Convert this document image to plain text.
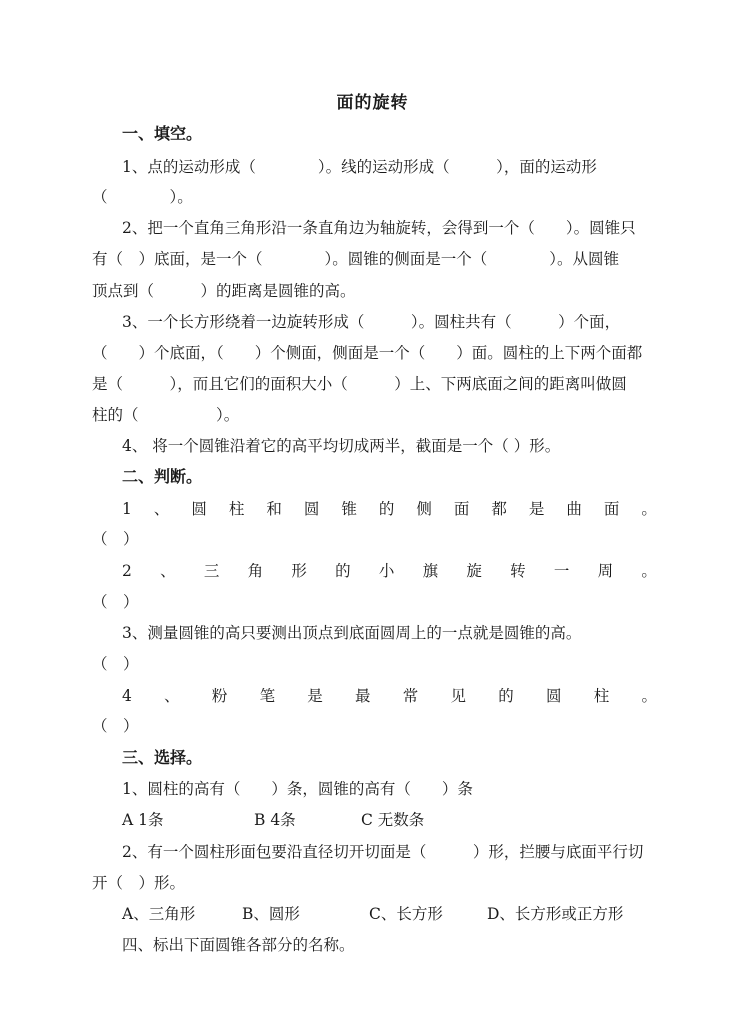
面的旋转
一、填空。
1、点的运动形成（　　　　）。线的运动形成（　　　），面的运动形
（　　　　）。
2、把一个直角三角形沿一条直角边为轴旋转，会得到一个（　　）。圆锥只
有（　）底面，是一个（　　　　）。圆锥的侧面是一个（　　　　）。从圆锥
顶点到（　　　）的距离是圆锥的高。
3、一个长方形绕着一边旋转形成（　　　）。圆柱共有（　　　）个面，
（　　）个底面，（　　）个侧面，侧面是一个（　　）面。圆柱的上下两个面都
是（　　　），而且它们的面积大小（　　　）上、下两底面之间的距离叫做圆
柱的（　　　　　）。
4、 将一个圆锥沿着它的高平均切成两半，截面是一个（ ）形。
二、判断。
1 、 圆 柱 和 圆 锥 的 侧 面 都 是 曲 面 。
（　）
2 、 三 角 形 的 小 旗 旋 转 一 周 。
（　）
3、测量圆锥的高只要测出顶点到底面圆周上的一点就是圆锥的高。
（　）
4 、 粉 笔 是 最 常 见 的 圆 柱 。
（　）
三、选择。
1、圆柱的高有（　　）条，圆锥的高有（　　）条
A 1条	B 4条	C 无数条
2、有一个圆柱形面包要沿直径切开切面是（　　　）形，拦腰与底面平行切
开（　）形。
A、三角形	B、圆形	C、长方形	D、长方形或正方形
四、标出下面圆锥各部分的名称。
